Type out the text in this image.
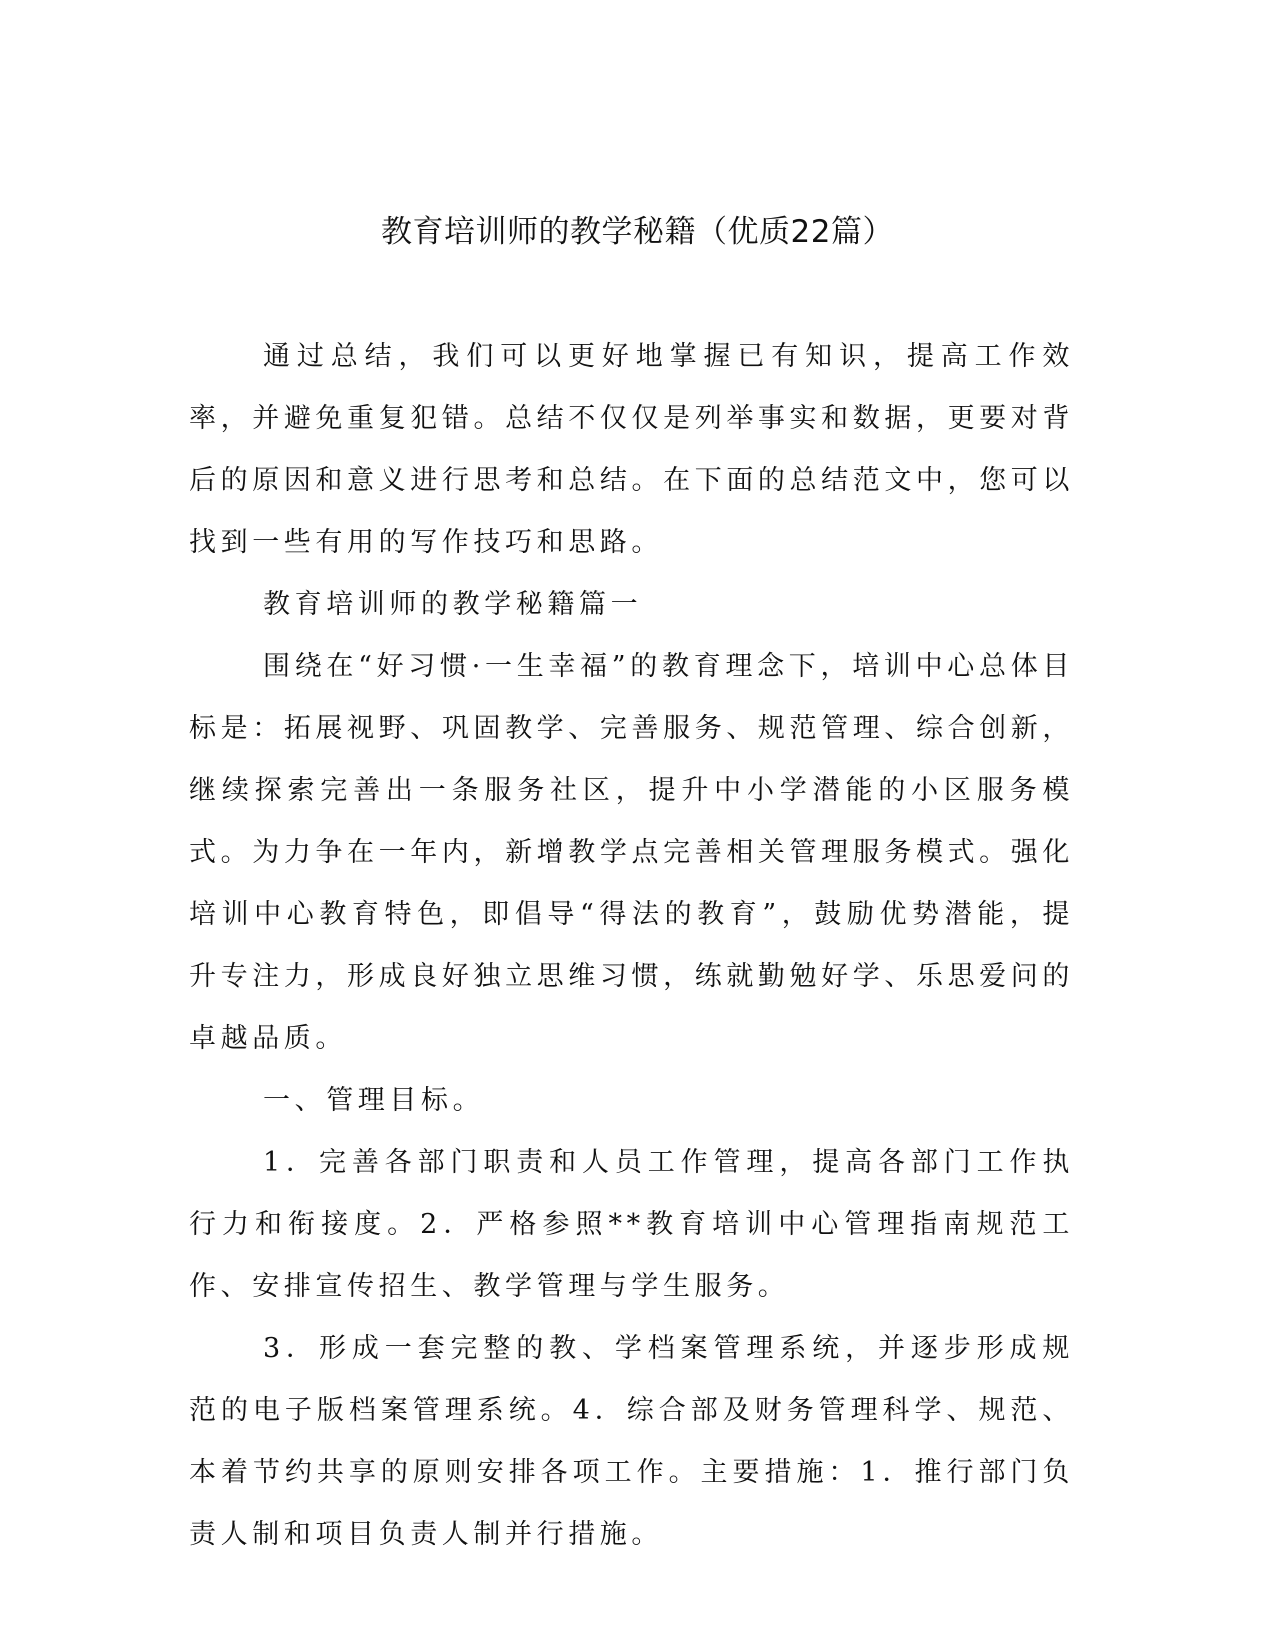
教育培训师的教学秘籍（优质22篇）

通过总结，我们可以更好地掌握已有知识，提高工作效率，并避免重复犯错。总结不仅仅是列举事实和数据，更要对背后的原因和意义进行思考和总结。在下面的总结范文中，您可以找到一些有用的写作技巧和思路。

教育培训师的教学秘籍篇一

围绕在“好习惯·一生幸福”的教育理念下，培训中心总体目标是：拓展视野、巩固教学、完善服务、规范管理、综合创新，继续探索完善出一条服务社区，提升中小学潜能的小区服务模式。为力争在一年内，新增教学点完善相关管理服务模式。强化培训中心教育特色，即倡导“得法的教育”，鼓励优势潜能，提升专注力，形成良好独立思维习惯，练就勤勉好学、乐思爱问的卓越品质。

一、管理目标。

1．完善各部门职责和人员工作管理，提高各部门工作执行力和衔接度。2．严格参照**教育培训中心管理指南规范工作、安排宣传招生、教学管理与学生服务。

3．形成一套完整的教、学档案管理系统，并逐步形成规范的电子版档案管理系统。4．综合部及财务管理科学、规范、本着节约共享的原则安排各项工作。主要措施：1．推行部门负责人制和项目负责人制并行措施。
